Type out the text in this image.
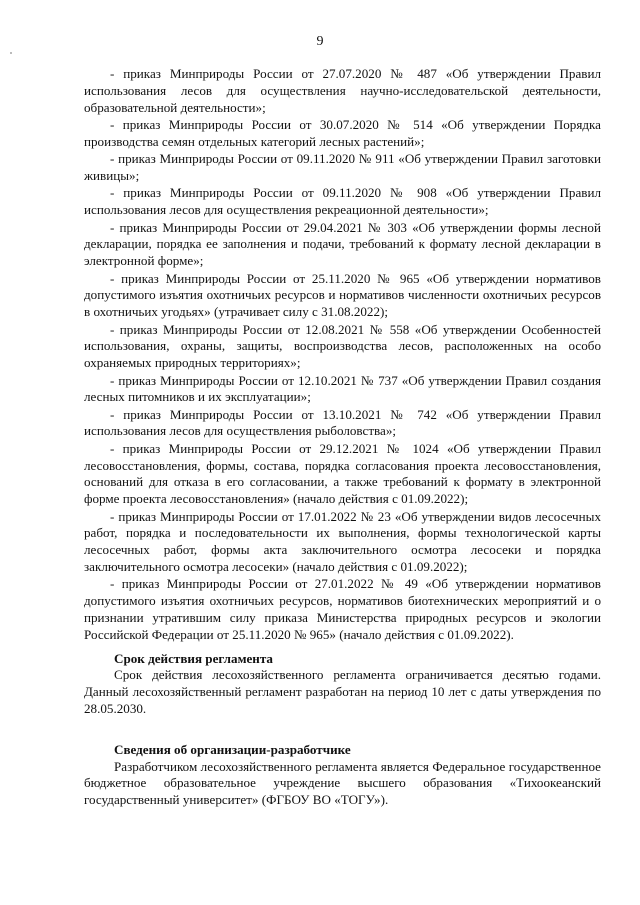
9

- приказ Минприроды России от 27.07.2020 № 487 «Об утверждении Правил использования лесов для осуществления научно-исследовательской деятельности, образовательной деятельности»;

- приказ Минприроды России от 30.07.2020 № 514 «Об утверждении Порядка производства семян отдельных категорий лесных растений»;

- приказ Минприроды России от 09.11.2020 № 911 «Об утверждении Правил заготовки живицы»;

- приказ Минприроды России от 09.11.2020 № 908 «Об утверждении Правил использования лесов для осуществления рекреационной деятельности»;

- приказ Минприроды России от 29.04.2021 № 303 «Об утверждении формы лесной декларации, порядка ее заполнения и подачи, требований к формату лесной декларации в электронной форме»;

- приказ Минприроды России от 25.11.2020 № 965 «Об утверждении нормативов допустимого изъятия охотничьих ресурсов и нормативов численности охотничьих ресурсов в охотничьих угодьях» (утрачивает силу с 31.08.2022);

- приказ Минприроды России от 12.08.2021 № 558 «Об утверждении Особенностей использования, охраны, защиты, воспроизводства лесов, расположенных на особо охраняемых природных территориях»;

- приказ Минприроды России от 12.10.2021 № 737 «Об утверждении Правил создания лесных питомников и их эксплуатации»;

- приказ Минприроды России от 13.10.2021 № 742 «Об утверждении Правил использования лесов для осуществления рыболовства»;

- приказ Минприроды России от 29.12.2021 № 1024 «Об утверждении Правил лесовосстановления, формы, состава, порядка согласования проекта лесовосстановления, оснований для отказа в его согласовании, а также требований к формату в электронной форме проекта лесовосстановления» (начало действия с 01.09.2022);

- приказ Минприроды России от 17.01.2022 № 23 «Об утверждении видов лесосечных работ, порядка и последовательности их выполнения, формы технологической карты лесосечных работ, формы акта заключительного осмотра лесосеки и порядка заключительного осмотра лесосеки» (начало действия с 01.09.2022);

- приказ Минприроды России от 27.01.2022 № 49 «Об утверждении нормативов допустимого изъятия охотничьих ресурсов, нормативов биотехнических мероприятий и о признании утратившим силу приказа Министерства природных ресурсов и экологии Российской Федерации от 25.11.2020 № 965» (начало действия с 01.09.2022).

Срок действия регламента

Срок действия лесохозяйственного регламента ограничивается десятью годами. Данный лесохозяйственный регламент разработан на период 10 лет с даты утверждения по 28.05.2030.

Сведения об организации-разработчике

Разработчиком лесохозяйственного регламента является Федеральное государственное бюджетное образовательное учреждение высшего образования «Тихоокеанский государственный университет» (ФГБОУ ВО «ТОГУ»).
